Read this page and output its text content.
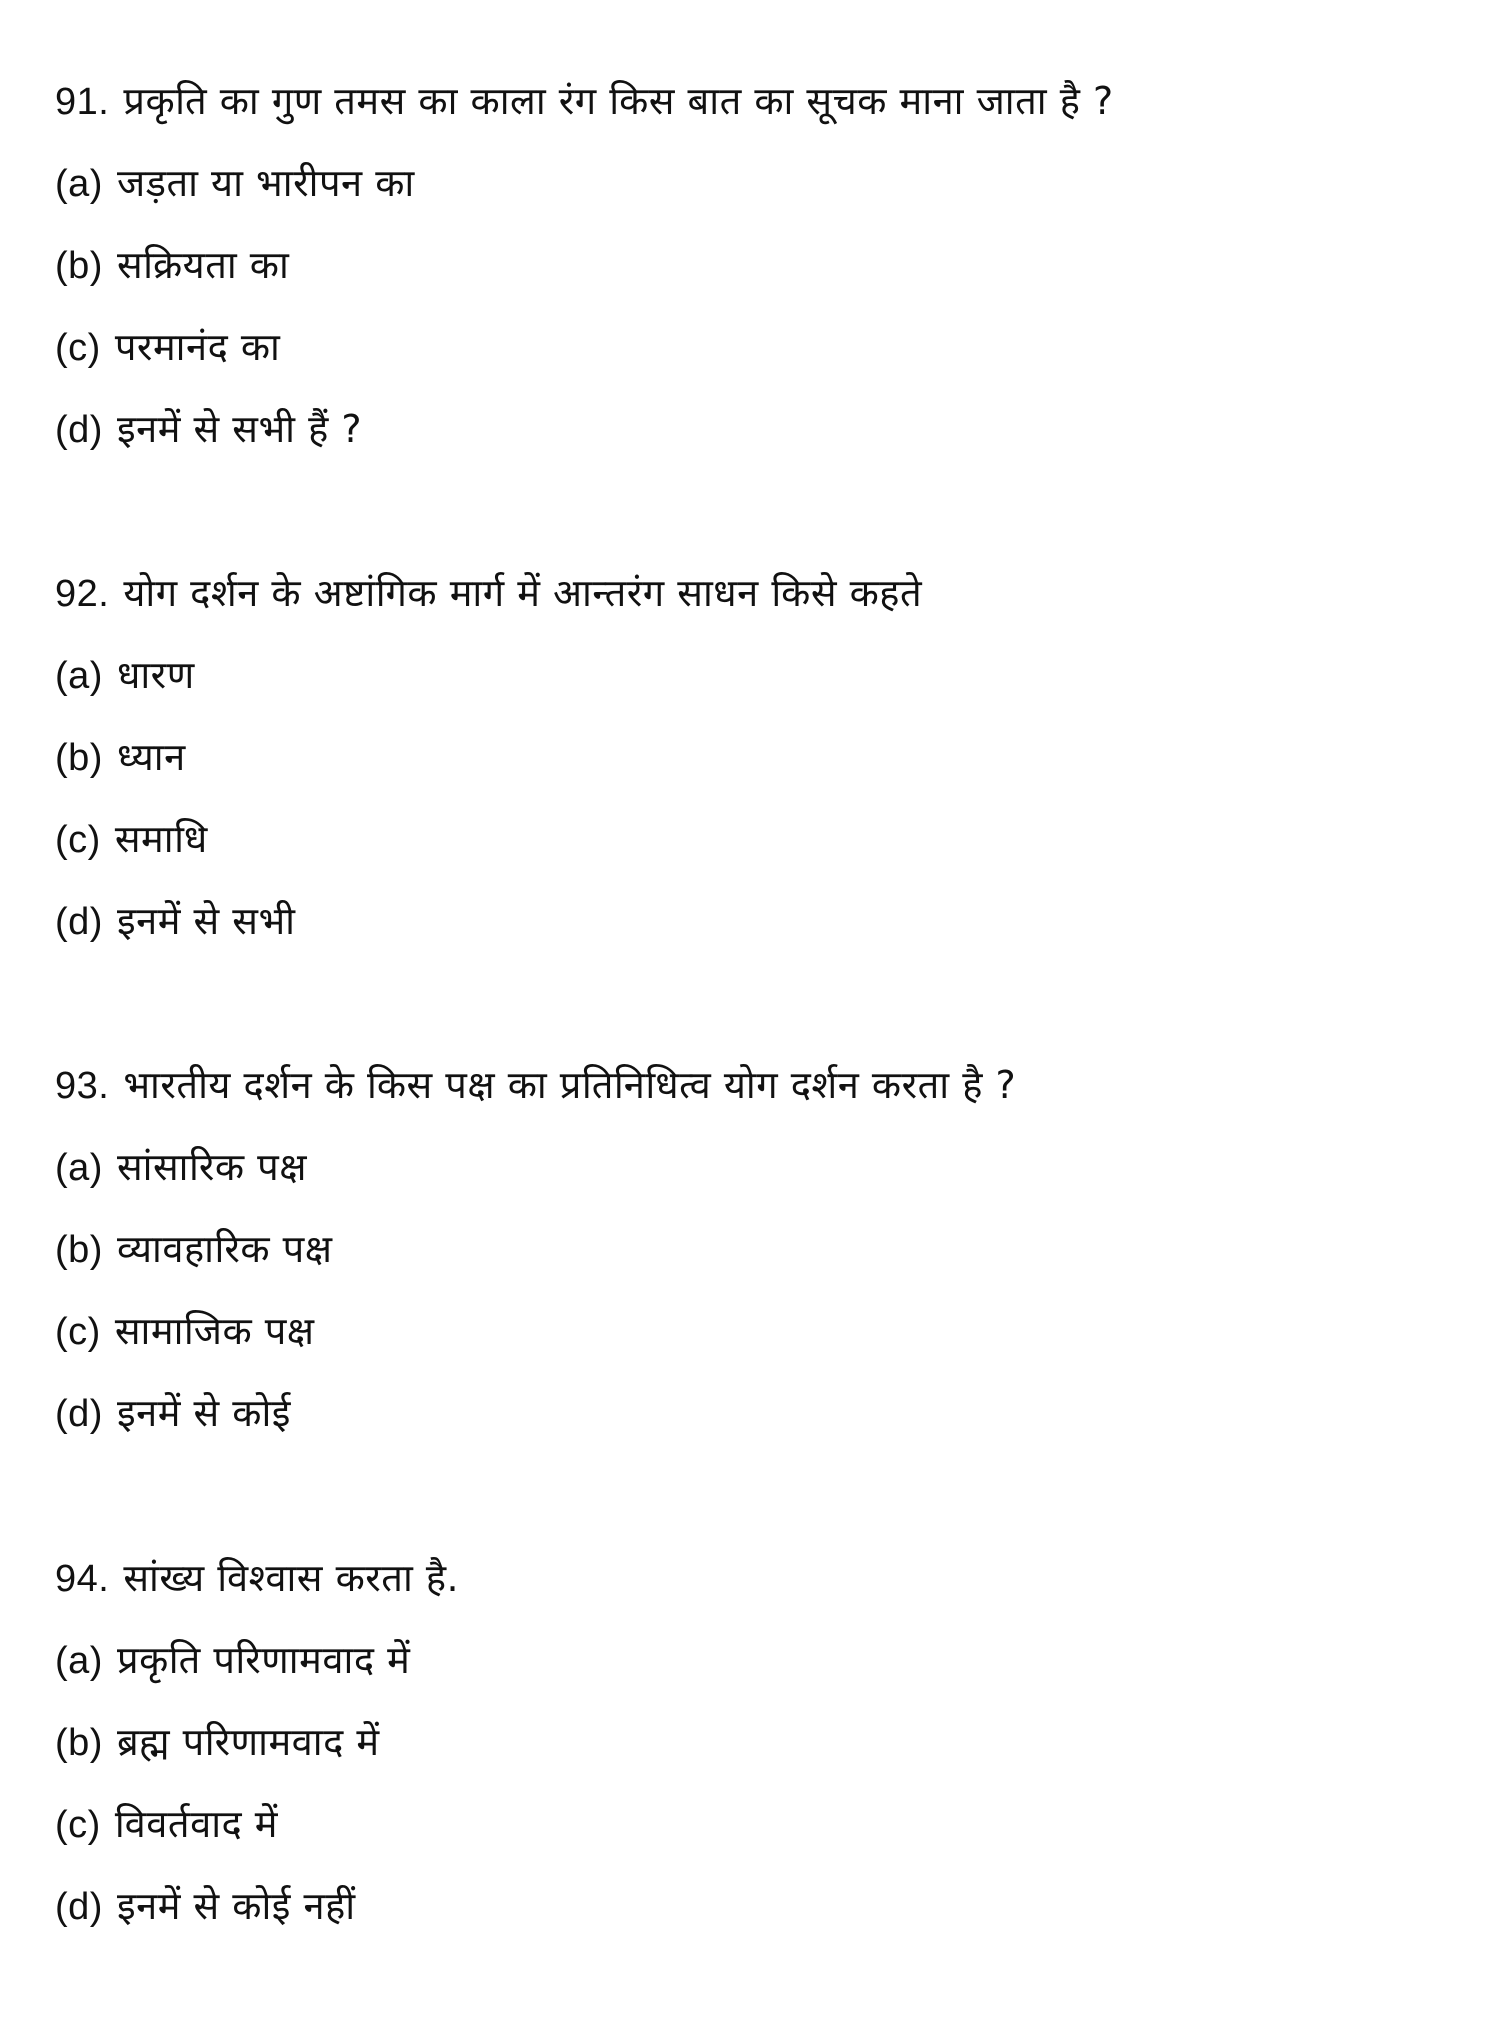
91. प्रकृति का गुण तमस का काला रंग किस बात का सूचक माना जाता है ?
(a) जड़ता या भारीपन का
(b) सक्रियता का
(c) परमानंद का
(d) इनमें से सभी हैं ?
92. योग दर्शन के अष्टांगिक मार्ग में आन्तरंग साधन किसे कहते
(a) धारण
(b) ध्यान
(c) समाधि
(d) इनमें से सभी
93. भारतीय दर्शन के किस पक्ष का प्रतिनिधित्व योग दर्शन करता है ?
(a) सांसारिक पक्ष
(b) व्यावहारिक पक्ष
(c) सामाजिक पक्ष
(d) इनमें से कोई
94. सांख्य विश्वास करता है.
(a) प्रकृति परिणामवाद में
(b) ब्रह्म परिणामवाद में
(c) विवर्तवाद में
(d) इनमें से कोई नहीं
